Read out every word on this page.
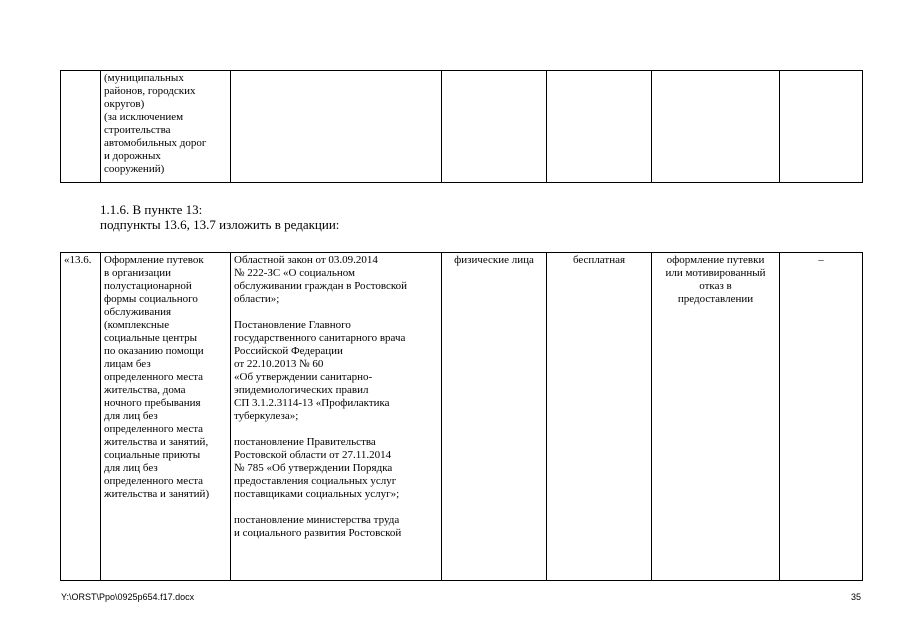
	(муниципальных
районов, городских
округов)
(за исключением
строительства
автомобильных дорог
и дорожных
сооружений)					

1.1.6. В пункте 13:

подпункты 13.6, 13.7 изложить в редакции:

«13.6.	Оформление путевок
в организации
полустационарной
формы социального
обслуживания
(комплексные
социальные центры
по оказанию помощи
лицам без
определенного места
жительства, дома
ночного пребывания
для лиц без
определенного места
жительства и занятий,
социальные приюты
для лиц без
определенного места
жительства и занятий)	Областной закон от 03.09.2014
№ 222-ЗС «О социальном
обслуживании граждан в Ростовской
области»;

Постановление Главного
государственного санитарного врача
Российской Федерации
от 22.10.2013 № 60
«Об утверждении санитарно-
эпидемиологических правил
СП 3.1.2.3114-13 «Профилактика
туберкулеза»;

постановление Правительства
Ростовской области от 27.11.2014
№ 785 «Об утверждении Порядка
предоставления социальных услуг
поставщиками социальных услуг»;

постановление министерства труда
и социального развития Ростовской	физические лица	бесплатная	оформление путевки
или мотивированный
отказ в
предоставлении	–
Y:\ORST\Ppo\0925p654.f17.docx	35
